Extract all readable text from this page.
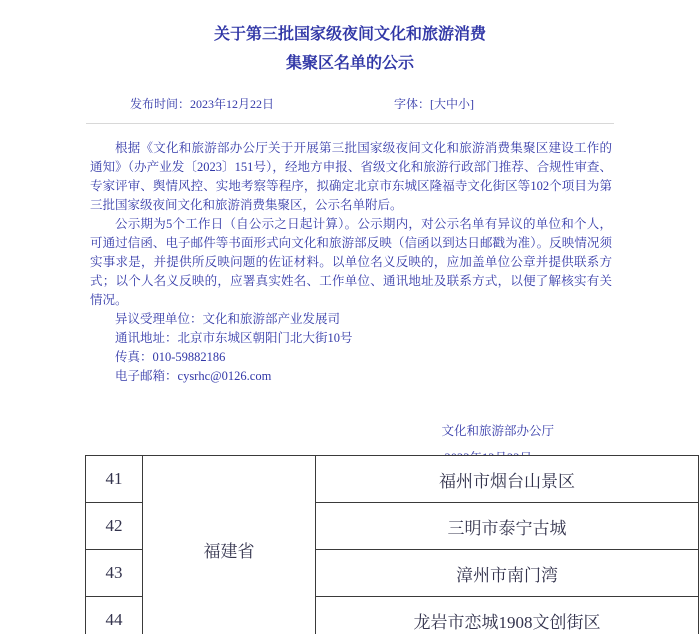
关于第三批国家级夜间文化和旅游消费
集聚区名单的公示
发布时间：2023年12月22日	字体： [大中小]

根据《文化和旅游部办公厅关于开展第三批国家级夜间文化和旅游消费集聚区建设工作的通知》（办产业发〔2023〕151号），经地方申报、省级文化和旅游行政部门推荐、合规性审查、专家评审、舆情风控、实地考察等程序，拟确定北京市东城区隆福寺文化街区等102个项目为第三批国家级夜间文化和旅游消费集聚区，公示名单附后。

公示期为5个工作日（自公示之日起计算）。公示期内，对公示名单有异议的单位和个人，可通过信函、电子邮件等书面形式向文化和旅游部反映（信函以到达日邮戳为准）。反映情况须实事求是，并提供所反映问题的佐证材料。以单位名义反映的，应加盖单位公章并提供联系方式；以个人名义反映的，应署真实姓名、工作单位、通讯地址及联系方式，以便了解核实有关情况。

异议受理单位：文化和旅游部产业发展司

通讯地址：北京市东城区朝阳门北大街10号

传真：010-59882186

电子邮箱：cysrhc@0126.com

文化和旅游部办公厅
41	福建省	福州市烟台山景区
42		三明市泰宁古城
43		漳州市南门湾
44		龙岩市恋城1908文创街区
